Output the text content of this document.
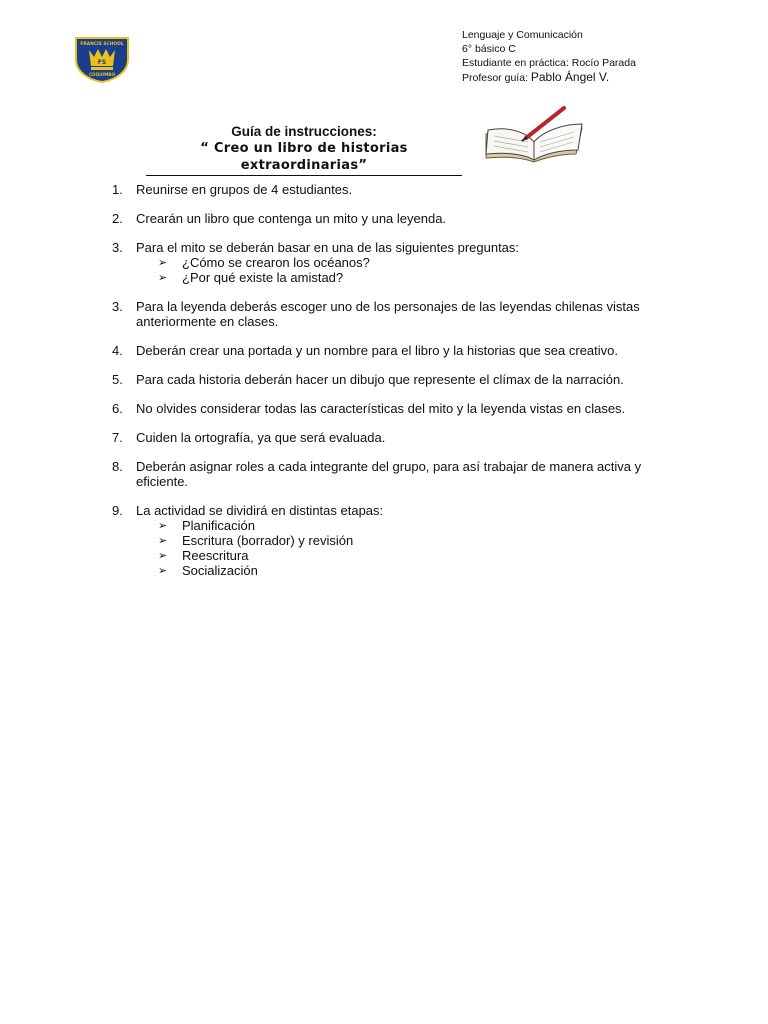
FS
FRANCIS SCHOOL
COQUIMBO
Lenguaje y Comunicación
6° básico C
Estudiante en práctica: Rocío Parada
Profesor guía: Pablo Ángel V.
Guía de instrucciones:
“ Creo un libro de historias extraordinarias”
1.	Reunirse en grupos de 4 estudiantes.
2.	Crearán un libro que contenga un mito y una leyenda.
3.	Para el mito se deberán basar en una de las siguientes preguntas:
➢	¿Cómo se crearon los océanos?
➢	¿Por qué existe la amistad?
3.	Para la leyenda deberás escoger uno de los personajes de las leyendas chilenas vistas anteriormente en clases.
4.	Deberán crear una portada y un nombre para el libro y la historias que sea creativo.
5.	Para cada historia deberán hacer un dibujo que represente el clímax de la narración.
6.	No olvides considerar todas las características del mito y la leyenda vistas en clases.
7.	Cuiden la ortografía, ya que será evaluada.
8.	Deberán asignar roles a cada integrante del grupo, para así trabajar de manera activa y eficiente.
9.	La actividad se dividirá en distintas etapas:
➢	Planificación
➢	Escritura (borrador) y revisión
➢	Reescritura
➢	Socialización
